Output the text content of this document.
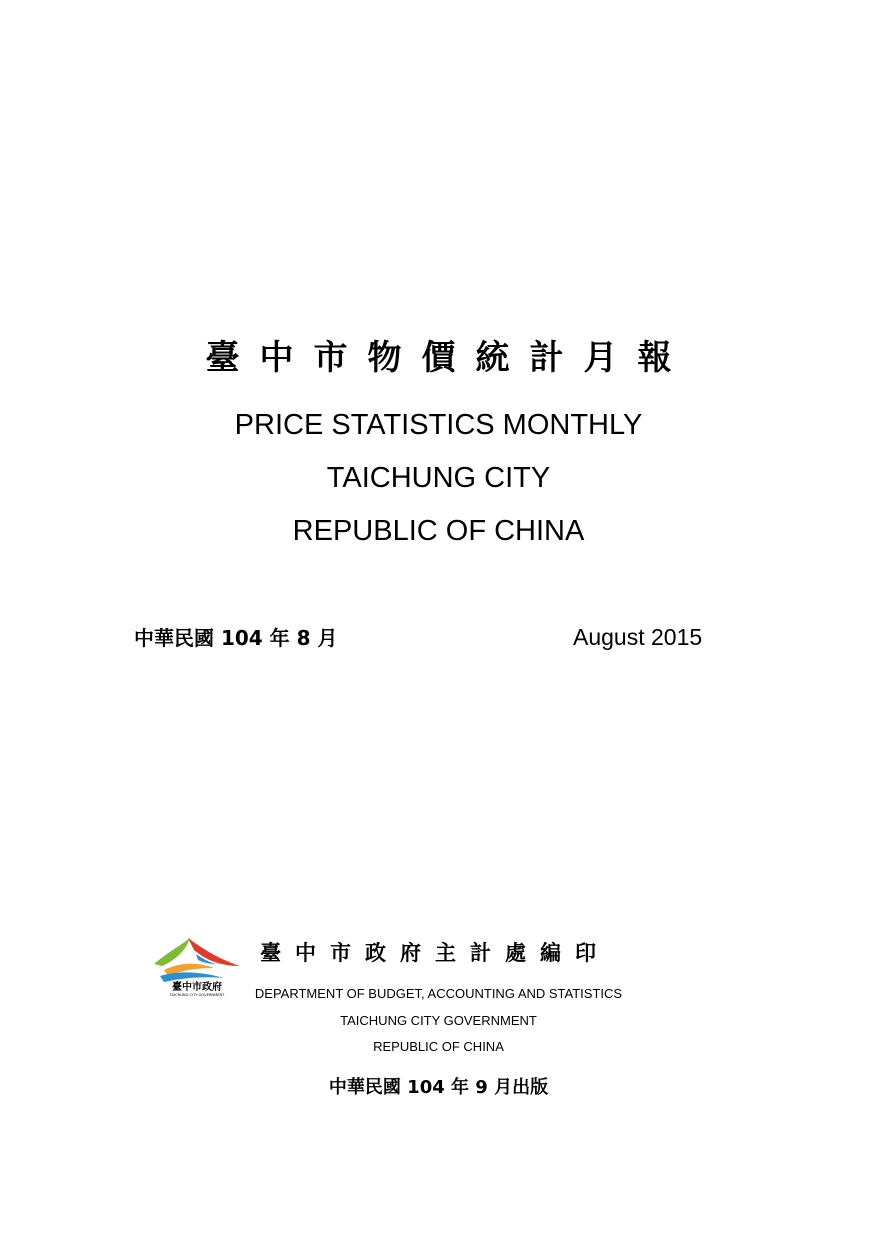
臺中市物價統計月報
PRICE STATISTICS MONTHLY
TAICHUNG CITY
REPUBLIC OF CHINA
中華民國 104 年 8 月	August 2015
臺中市政府
TAICHUNG CITY GOVERNMENT
臺中市政府主計處編印
DEPARTMENT OF BUDGET, ACCOUNTING AND STATISTICS
TAICHUNG CITY GOVERNMENT
REPUBLIC OF CHINA
中華民國 104 年 9 月出版
